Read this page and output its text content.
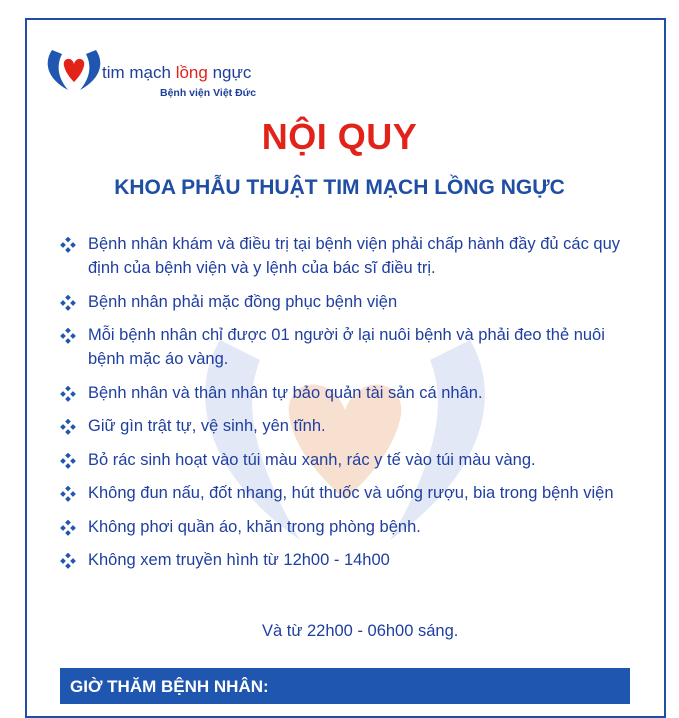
tim mạch lồng ngực
Bệnh viện Việt Đức
NỘI QUY
KHOA PHẪU THUẬT TIM MẠCH LỒNG NGỰC
Bệnh nhân khám và điều trị tại bệnh viện phải chấp hành đầy đủ các quy định của bệnh viện và y lệnh của bác sĩ điều trị.
Bệnh nhân phải mặc đồng phục bệnh viện
Mỗi bệnh nhân chỉ được 01 người ở lại nuôi bệnh và phải đeo thẻ nuôi bệnh mặc áo vàng.
Bệnh nhân và thân nhân tự bảo quản tài sản cá nhân.
Giữ gìn trật tự, vệ sinh, yên tĩnh.
Bỏ rác sinh hoạt vào túi màu xanh, rác y tế vào túi màu vàng.
Không đun nấu, đốt nhang, hút thuốc và uống rượu, bia trong bệnh viện
Không phơi quần áo, khăn trong phòng bệnh.
Không xem truyền hình từ 12h00 - 14h00
Và từ 22h00 - 06h00 sáng.
GIỜ THĂM BỆNH NHÂN:
